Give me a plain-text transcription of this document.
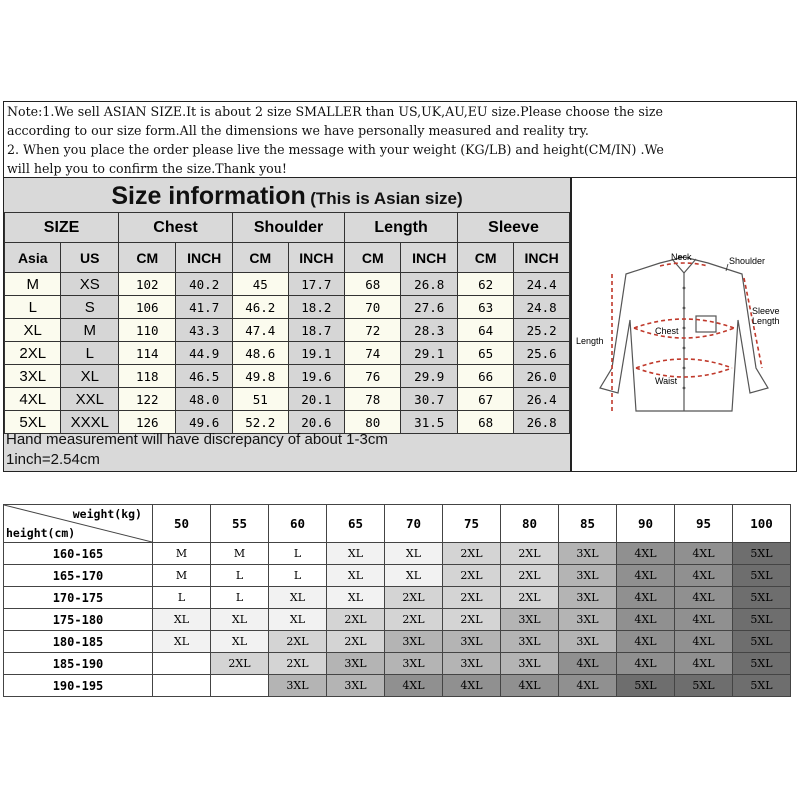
Note:1.We sell ASIAN SIZE.It is about 2 size SMALLER than US,UK,AU,EU size.Please choose the size
according to our size form.All the dimensions we have personally measured and reality try.
2. When you place the order please live the message with your weight (KG/LB) and height(CM/IN) .We
will help you to confirm the size.Thank you!
Size information (This is Asian size)
SIZE		Chest		Shoulder		Length		Sleeve	
Asia	US	CM	INCH	CM	INCH	CM	INCH	CM	INCH
M	XS	102	40.2	45	17.7	68	26.8	62	24.4
L	S	106	41.7	46.2	18.2	70	27.6	63	24.8
XL	M	110	43.3	47.4	18.7	72	28.3	64	25.2
2XL	L	114	44.9	48.6	19.1	74	29.1	65	25.6
3XL	XL	118	46.5	49.8	19.6	76	29.9	66	26.0
4XL	XXL	122	48.0	51	20.1	78	30.7	67	26.4
5XL	XXXL	126	49.6	52.2	20.6	80	31.5	68	26.8
Hand measurement will have discrepancy of about 1-3cm
1inch=2.54cm
Neck	Shoulder
Sleeve Length
Chest
Length
Waist
weight(kg)
height(cm)	50	55	60	65	70	75	80	85	90	95	100
160-165	M	M	L	XL	XL	2XL	2XL	3XL	4XL	4XL	5XL
165-170	M	L	L	XL	XL	2XL	2XL	3XL	4XL	4XL	5XL
170-175	L	L	XL	XL	2XL	2XL	2XL	3XL	4XL	4XL	5XL
175-180	XL	XL	XL	2XL	2XL	2XL	3XL	3XL	4XL	4XL	5XL
180-185	XL	XL	2XL	2XL	3XL	3XL	3XL	3XL	4XL	4XL	5XL
185-190		2XL	2XL	3XL	3XL	3XL	3XL	4XL	4XL	4XL	5XL
190-195			3XL	3XL	4XL	4XL	4XL	4XL	5XL	5XL	5XL
